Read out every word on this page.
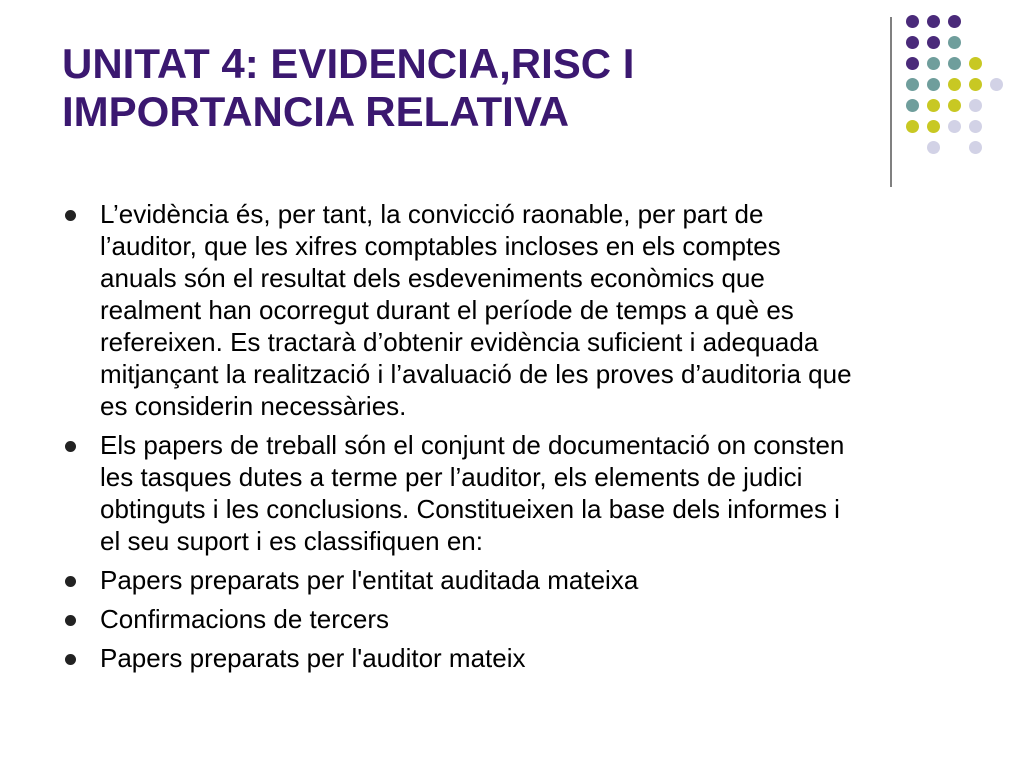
UNITAT 4: EVIDENCIA,RISC I
IMPORTANCIA RELATIVA
L’evidència és, per tant, la convicció raonable, per part de
l’auditor, que les xifres comptables incloses en els comptes
anuals són el resultat dels esdeveniments econòmics que
realment han ocorregut durant el període de temps a què es
refereixen. Es tractarà d’obtenir evidència suficient i adequada
mitjançant la realització i l’avaluació de les proves d’auditoria que
es considerin necessàries.
Els papers de treball són el conjunt de documentació on consten
les tasques dutes a terme per l’auditor, els elements de judici
obtinguts i les conclusions. Constitueixen la base dels informes i
el seu suport i es classifiquen en:
Papers preparats per l'entitat auditada mateixa
Confirmacions de tercers
Papers preparats per l'auditor mateix
